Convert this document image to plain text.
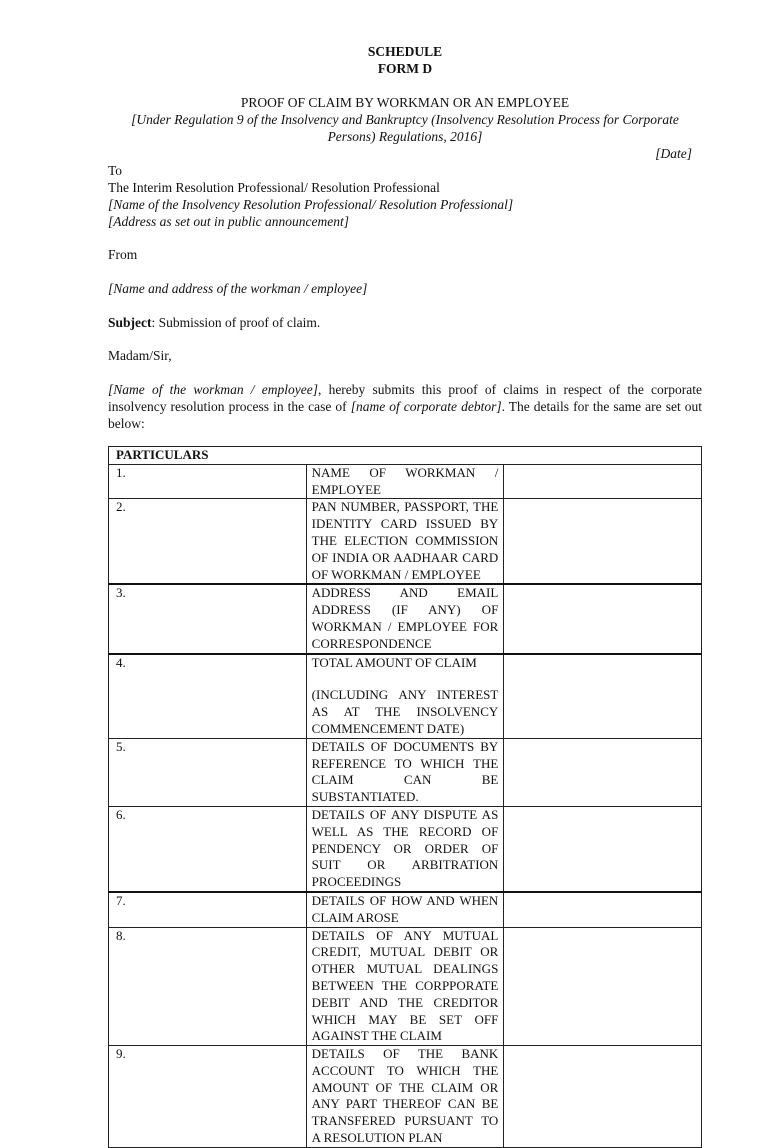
SCHEDULE
FORM D
PROOF OF CLAIM BY WORKMAN OR AN EMPLOYEE
[Under Regulation 9 of the Insolvency and Bankruptcy (Insolvency Resolution Process for Corporate
Persons) Regulations, 2016]
[Date]
To
The Interim Resolution Professional/ Resolution Professional
[Name of the Insolvency Resolution Professional/ Resolution Professional]
[Address as set out in public announcement]
From
[Name and address of the workman / employee]
Subject: Submission of proof of claim.
Madam/Sir,
[Name of the workman / employee], hereby submits this proof of claims in respect of the corporate insolvency resolution process in the case of [name of corporate debtor]. The details for the same are set out below:
PARTICULARS		
1.	NAME OF WORKMAN / EMPLOYEE	
2.	PAN NUMBER, PASSPORT, THE IDENTITY CARD ISSUED BY THE ELECTION COMMISSION OF INDIA OR AADHAAR CARD OF WORKMAN / EMPLOYEE	
3.	ADDRESS AND EMAIL ADDRESS (IF ANY) OF WORKMAN / EMPLOYEE FOR CORRESPONDENCE	
4.	TOTAL AMOUNT OF CLAIM
(INCLUDING ANY INTEREST AS AT THE INSOLVENCY COMMENCEMENT DATE)	

5.	DETAILS OF DOCUMENTS BY REFERENCE TO WHICH THE CLAIM CAN BE SUBSTANTIATED.	
6.	DETAILS OF ANY DISPUTE AS WELL AS THE RECORD OF PENDENCY OR ORDER OF SUIT OR ARBITRATION PROCEEDINGS	
7.	DETAILS OF HOW AND WHEN CLAIM AROSE	
8.	DETAILS OF ANY MUTUAL CREDIT, MUTUAL DEBIT OR OTHER MUTUAL DEALINGS BETWEEN THE CORPPORATE DEBIT AND THE CREDITOR WHICH MAY BE SET OFF AGAINST THE CLAIM	
9.	DETAILS OF THE BANK ACCOUNT TO WHICH THE AMOUNT OF THE CLAIM OR ANY PART THEREOF CAN BE TRANSFERED PURSUANT TO A RESOLUTION PLAN	
